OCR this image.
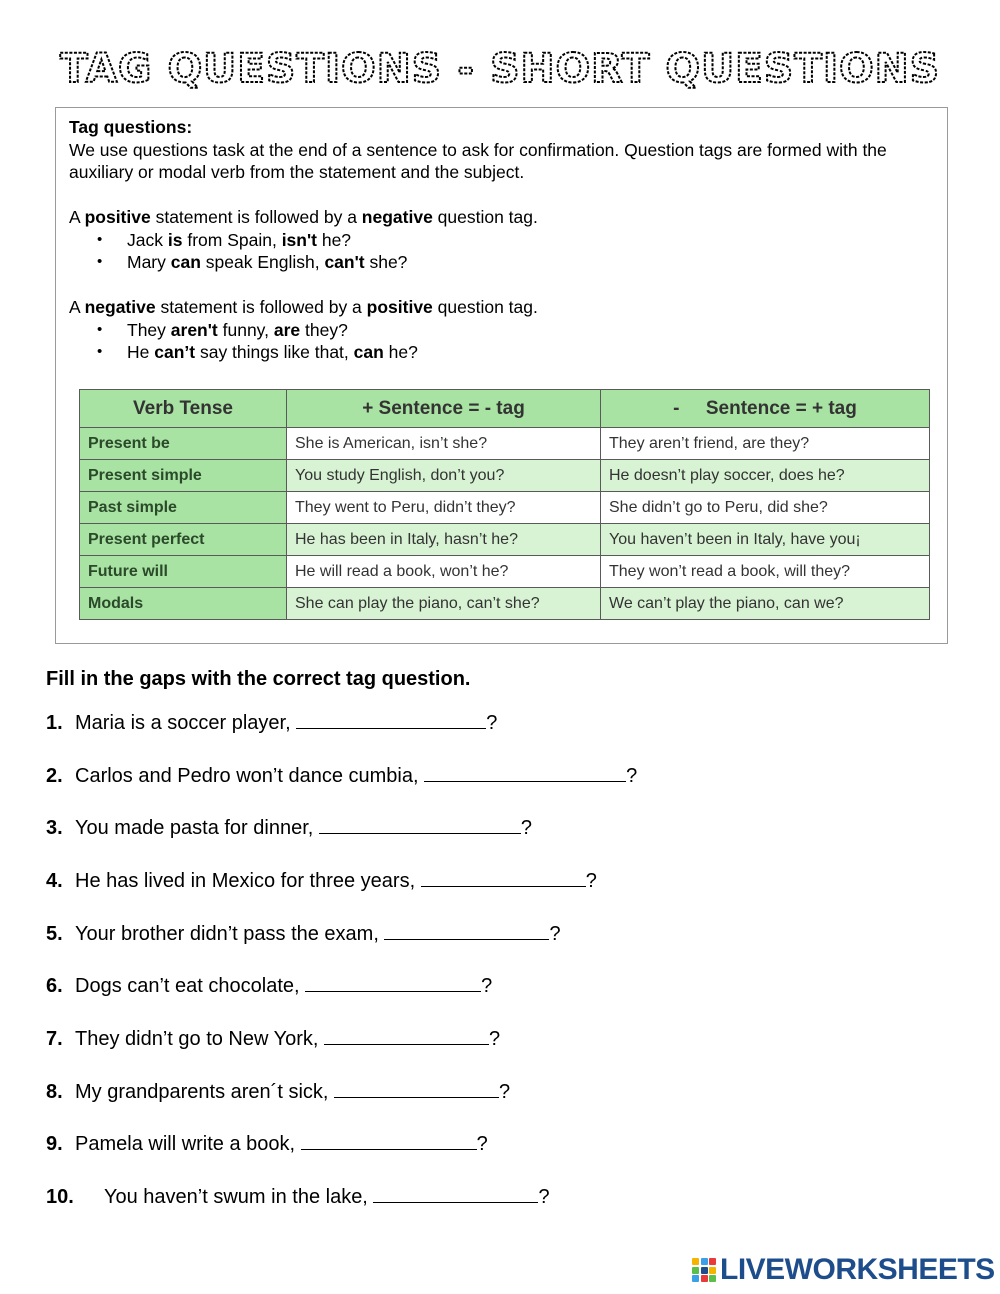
TAG QUESTIONS - SHORT QUESTIONS

Tag questions:

We use questions task at the end of a sentence to ask for confirmation. Question tags are formed with the auxiliary or modal verb from the statement and the subject.

A positive statement is followed by a negative question tag.

• Jack is from Spain, isn't he?
• Mary can speak English, can't she?

A negative statement is followed by a positive question tag.

• They aren't funny, are they?
• He can’t say things like that, can he?
Verb Tense	+ Sentence = - tag	-     Sentence = + tag
Present be	She is American, isn’t she?	They aren’t friend, are they?
Present simple	You study English, don’t you?	He doesn’t play soccer, does he?
Past simple	They went to Peru, didn’t they?	She didn’t go to Peru, did she?
Present perfect	He has been in Italy, hasn’t he?	You haven’t been in Italy, have you¡
Future will	He will read a book, won’t he?	They won’t read a book, will they?
Modals	She can play the piano, can’t she?	We can’t play the piano, can we?
Fill in the gaps with the correct tag question.
1. Maria is a soccer player,	?
2. Carlos and Pedro won’t dance cumbia,	?
3. You made pasta for dinner,	?
4. He has lived in Mexico for three years,	?
5. Your brother didn’t pass the exam,	?
6. Dogs can’t eat chocolate,	?
7. They didn’t go to New York,	?
8. My grandparents aren´t sick,	?
9. Pamela will write a book,	?
10. You haven’t swum in the lake,	?
LIVEWORKSHEETS
